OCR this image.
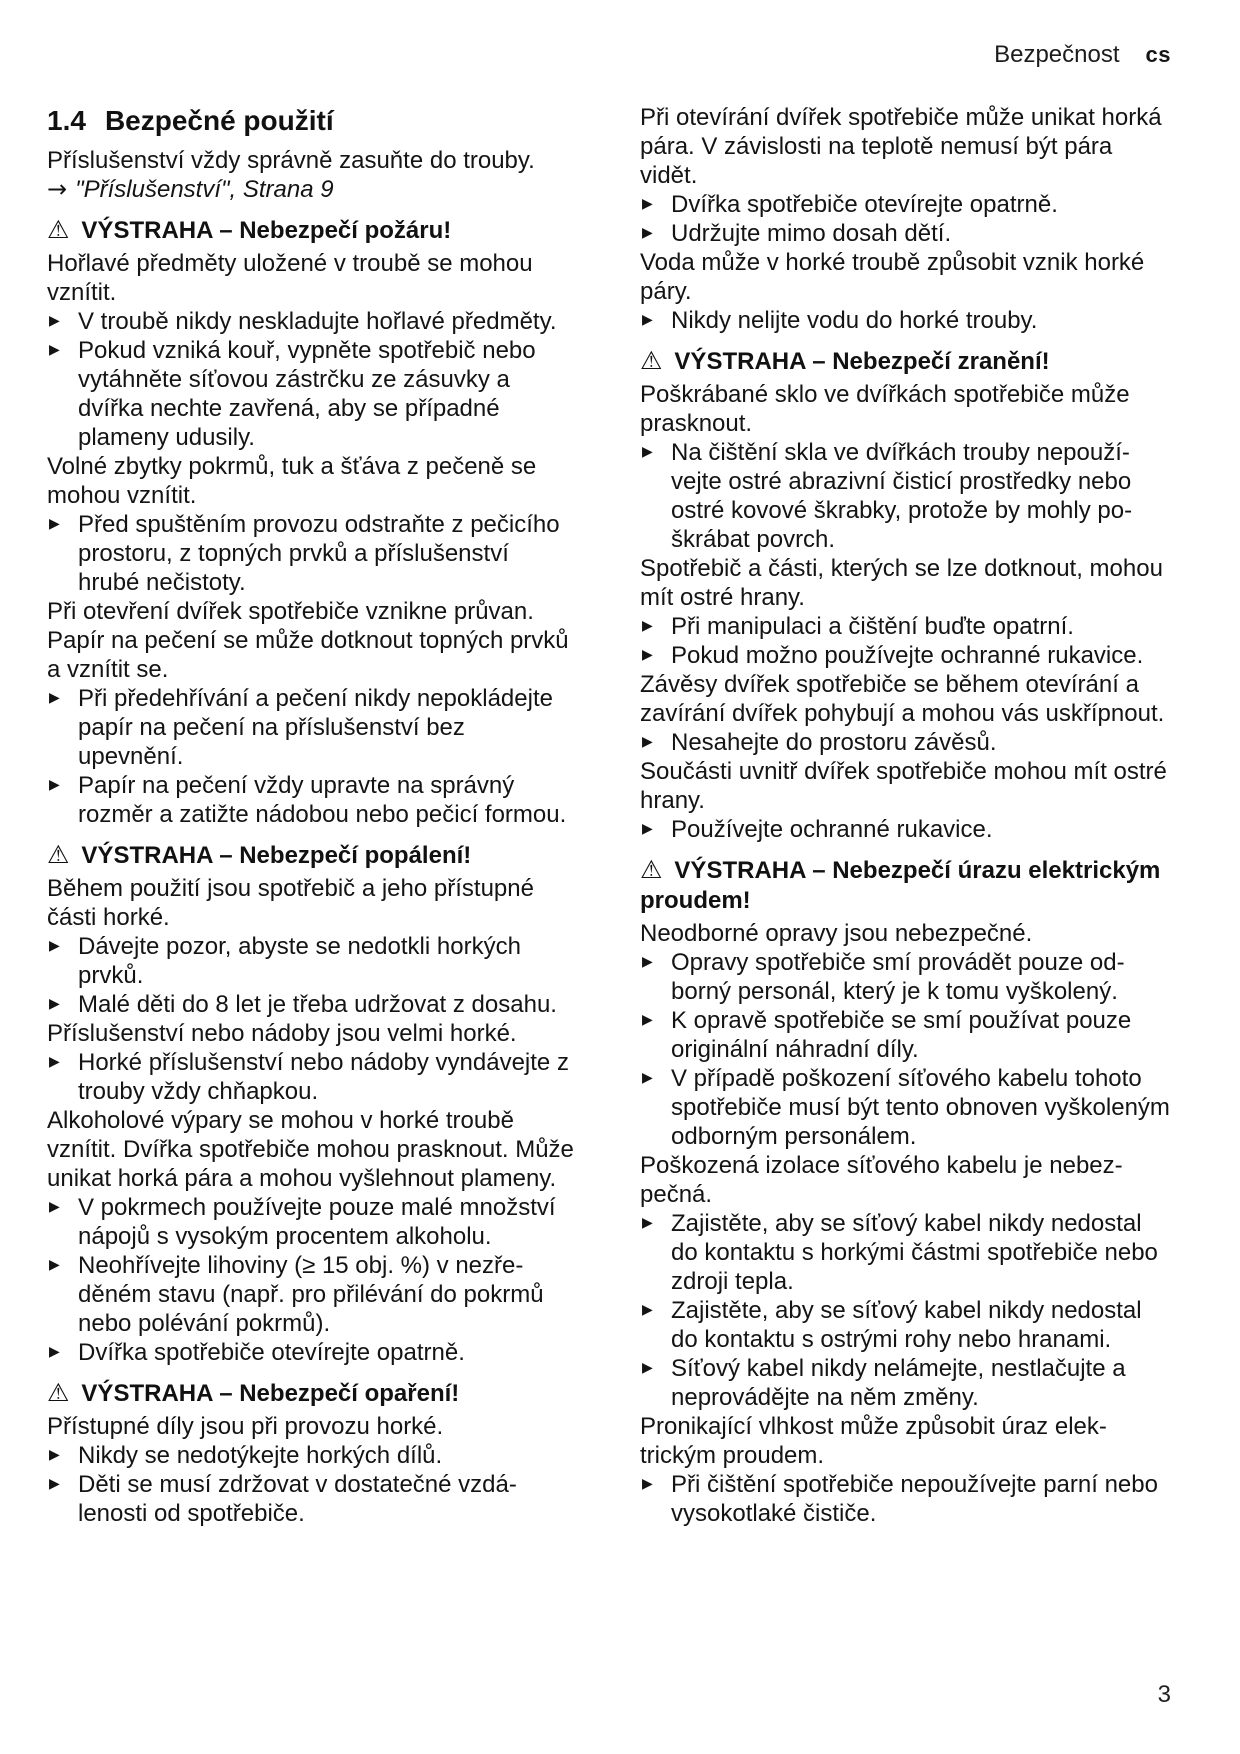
Bezpečnost cs
1.4 Bezpečné použití

Příslušenství vždy správně zasuňte do trouby.

→ "Příslušenství", Strana 9

⚠ VÝSTRAHA – Nebezpečí požáru!

Hořlavé předměty uložené v troubě se mohou vznítit.

▶ V troubě nikdy neskladujte hořlavé předměty.
▶ Pokud vzniká kouř, vypněte spotřebič nebo vytáhněte síťovou zástrčku ze zásuvky a dvířka nechte zavřená, aby se případné plameny udusily.

Volné zbytky pokrmů, tuk a šťáva z pečeně se mohou vznítit.

▶ Před spuštěním provozu odstraňte z pečicího prostoru, z topných prvků a příslušenství hrubé nečistoty.

Při otevření dvířek spotřebiče vznikne průvan. Papír na pečení se může dotknout topných prvků a vznítit se.

▶ Při předehřívání a pečení nikdy nepokládejte papír na pečení na příslušenství bez upevnění.
▶ Papír na pečení vždy upravte na správný rozměr a zatižte nádobou nebo pečicí formou.
⚠ VÝSTRAHA – Nebezpečí popálení!

Během použití jsou spotřebič a jeho přístupné části horké.

▶ Dávejte pozor, abyste se nedotkli horkých prvků.
▶ Malé děti do 8 let je třeba udržovat z dosahu.

Příslušenství nebo nádoby jsou velmi horké.

▶ Horké příslušenství nebo nádoby vyndávejte z trouby vždy chňapkou.

Alkoholové výpary se mohou v horké troubě vznítit. Dvířka spotřebiče mohou prasknout. Může unikat horká pára a mohou vyšlehnout plameny.

▶ V pokrmech používejte pouze malé množství nápojů s vysokým procentem alkoholu.
▶ Neohřívejte lihoviny (≥ 15 obj. %) v nezředěném stavu (např. pro přilévání do pokrmů nebo polévání pokrmů).
▶ Dvířka spotřebiče otevírejte opatrně.
⚠ VÝSTRAHA – Nebezpečí opaření!

Přístupné díly jsou při provozu horké.

▶ Nikdy se nedotýkejte horkých dílů.
▶ Děti se musí zdržovat v dostatečné vzdálenosti od spotřebiče.

Při otevírání dvířek spotřebiče může unikat horká pára. V závislosti na teplotě nemusí být pára vidět.

▶ Dvířka spotřebiče otevírejte opatrně.
▶ Udržujte mimo dosah dětí.

Voda může v horké troubě způsobit vznik horké páry.

▶ Nikdy nelijte vodu do horké trouby.
⚠ VÝSTRAHA – Nebezpečí zranění!

Poškrábané sklo ve dvířkách spotřebiče může prasknout.

▶ Na čištění skla ve dvířkách trouby nepoužívejte ostré abrazivní čisticí prostředky nebo ostré kovové škrabky, protože by mohly poškrábat povrch.

Spotřebič a části, kterých se lze dotknout, mohou mít ostré hrany.

▶ Při manipulaci a čištění buďte opatrní.
▶ Pokud možno používejte ochranné rukavice.

Závěsy dvířek spotřebiče se během otevírání a zavírání dvířek pohybují a mohou vás uskřípnout.

▶ Nesahejte do prostoru závěsů.

Součásti uvnitř dvířek spotřebiče mohou mít ostré hrany.

▶ Používejte ochranné rukavice.
⚠ VÝSTRAHA – Nebezpečí úrazu elektrickým proudem!

Neodborné opravy jsou nebezpečné.

▶ Opravy spotřebiče smí provádět pouze odborný personál, který je k tomu vyškolený.
▶ K opravě spotřebiče se smí používat pouze originální náhradní díly.
▶ V případě poškození síťového kabelu tohoto spotřebiče musí být tento obnoven vyškoleným odborným personálem.

Poškozená izolace síťového kabelu je nebezpečná.

▶ Zajistěte, aby se síťový kabel nikdy nedostal do kontaktu s horkými částmi spotřebiče nebo zdroji tepla.
▶ Zajistěte, aby se síťový kabel nikdy nedostal do kontaktu s ostrými rohy nebo hranami.
▶ Síťový kabel nikdy nelámejte, nestlačujte a neprovádějte na něm změny.

Pronikající vlhkost může způsobit úraz elektrickým proudem.

▶ Při čištění spotřebiče nepoužívejte parní nebo vysokotlaké čističe.
3
